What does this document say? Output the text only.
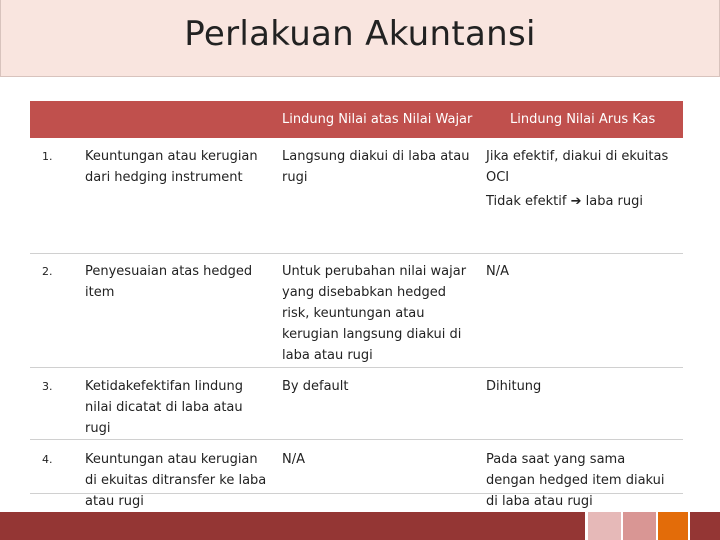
Perlakuan Akuntansi
		Lindung Nilai atas Nilai Wajar	Lindung Nilai Arus Kas
1.	Keuntungan atau kerugian dari hedging instrument	Langsung diakui di laba atau rugi	Jika efektif, diakui di ekuitas OCI
Tidak efektif ➔ laba rugi

2.	Penyesuaian atas hedged item	Untuk perubahan nilai wajar yang disebabkan hedged risk, keuntungan atau kerugian langsung diakui di laba atau rugi	N/A
3.	Ketidakefektifan lindung nilai dicatat di laba atau rugi	By default	Dihitung
4.	Keuntungan atau kerugian di ekuitas ditransfer ke laba atau rugi	N/A	Pada saat yang sama dengan hedged item diakui di laba atau rugi
